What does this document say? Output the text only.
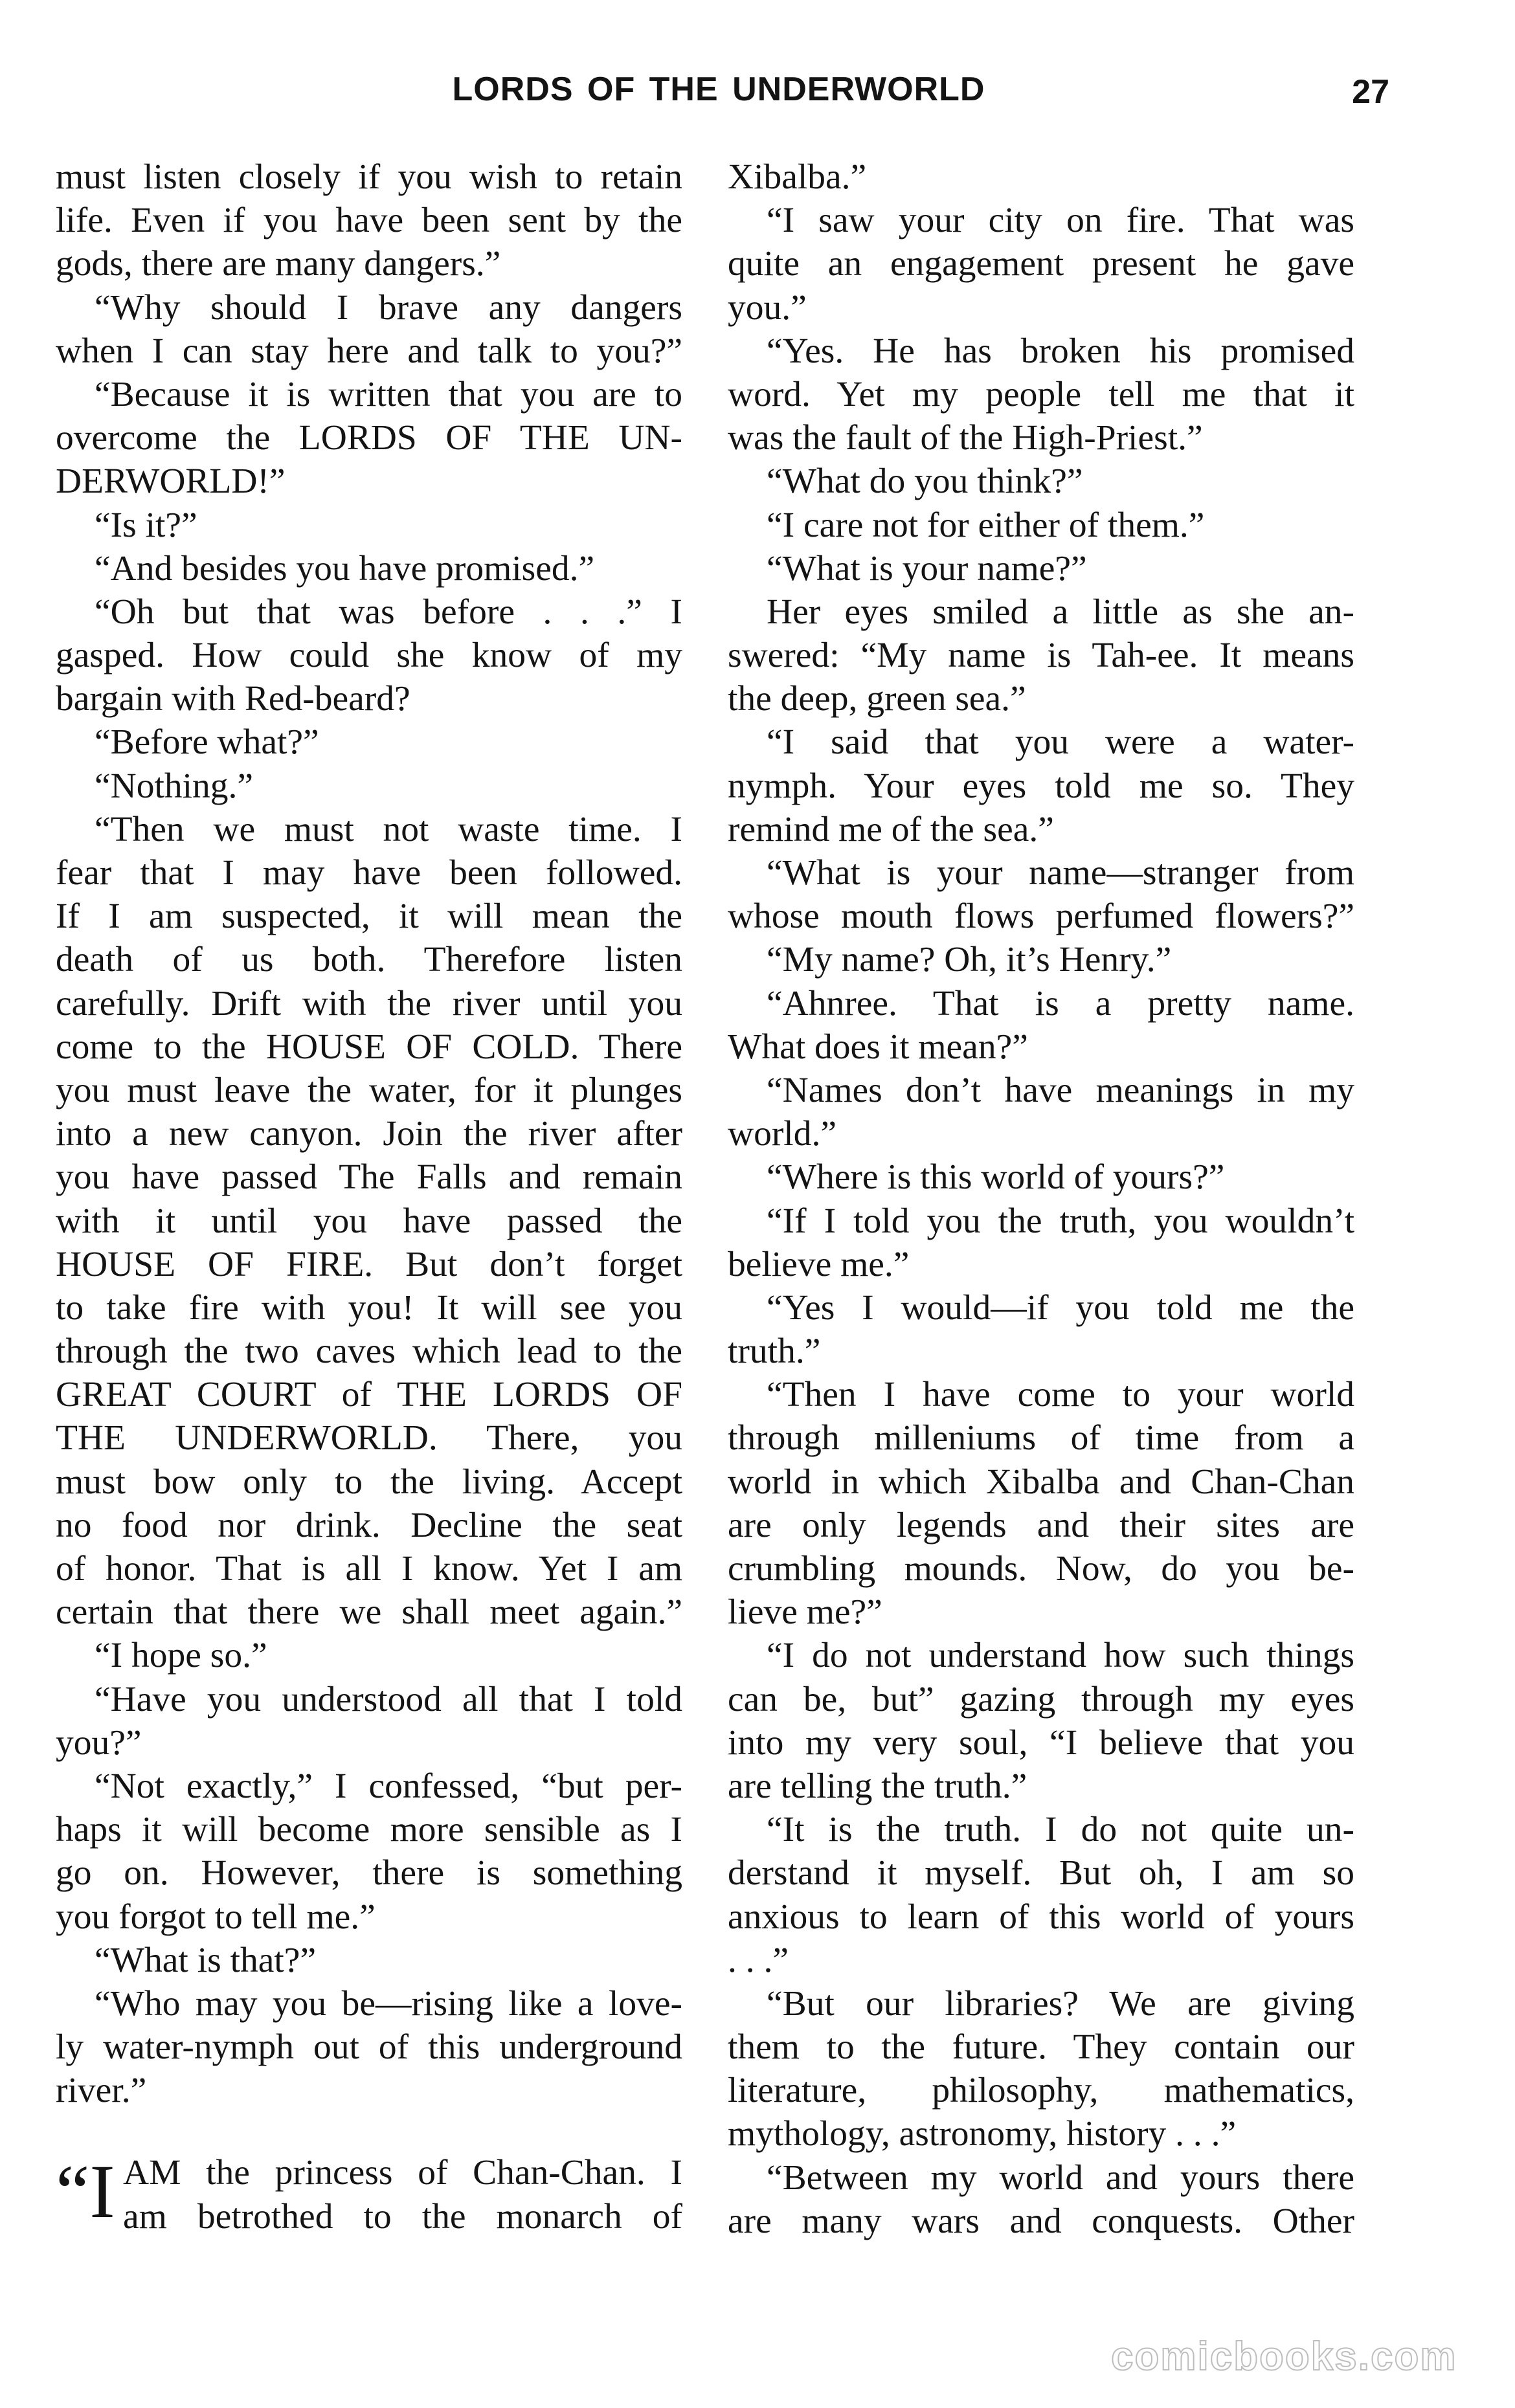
LORDS OF THE UNDERWORLD	27
must listen closely if you wish to retain
life. Even if you have been sent by the
gods, there are many dangers.”
“Why should I brave any dangers
when I can stay here and talk to you?”
“Because it is written that you are to
overcome the LORDS OF THE UN-
DERWORLD!”
“Is it?”
“And besides you have promised.”
“Oh but that was before . . .” I
gasped. How could she know of my
bargain with Red-beard?
“Before what?”
“Nothing.”
“Then we must not waste time. I
fear that I may have been followed.
If I am suspected, it will mean the
death of us both. Therefore listen
carefully. Drift with the river until you
come to the HOUSE OF COLD. There
you must leave the water, for it plunges
into a new canyon. Join the river after
you have passed The Falls and remain
with it until you have passed the
HOUSE OF FIRE. But don’t forget
to take fire with you! It will see you
through the two caves which lead to the
GREAT COURT of THE LORDS OF
THE UNDERWORLD. There, you
must bow only to the living. Accept
no food nor drink. Decline the seat
of honor. That is all I know. Yet I am
certain that there we shall meet again.”
“I hope so.”
“Have you understood all that I told
you?”
“Not exactly,” I confessed, “but per-
haps it will become more sensible as I
go on. However, there is something
you forgot to tell me.”
“What is that?”
“Who may you be—rising like a love-
ly water-nymph out of this underground
river.”
“I AM the princess of Chan-Chan. I
am betrothed to the monarch of
Xibalba.”
“I saw your city on fire. That was
quite an engagement present he gave
you.”
“Yes. He has broken his promised
word. Yet my people tell me that it
was the fault of the High-Priest.”
“What do you think?”
“I care not for either of them.”
“What is your name?”
Her eyes smiled a little as she an-
swered: “My name is Tah-ee. It means
the deep, green sea.”
“I said that you were a water-
nymph. Your eyes told me so. They
remind me of the sea.”
“What is your name—stranger from
whose mouth flows perfumed flowers?”
“My name? Oh, it’s Henry.”
“Ahnree. That is a pretty name.
What does it mean?”
“Names don’t have meanings in my
world.”
“Where is this world of yours?”
“If I told you the truth, you wouldn’t
believe me.”
“Yes I would—if you told me the
truth.”
“Then I have come to your world
through milleniums of time from a
world in which Xibalba and Chan-Chan
are only legends and their sites are
crumbling mounds. Now, do you be-
lieve me?”
“I do not understand how such things
can be, but” gazing through my eyes
into my very soul, “I believe that you
are telling the truth.”
“It is the truth. I do not quite un-
derstand it myself. But oh, I am so
anxious to learn of this world of yours
. . .”
“But our libraries? We are giving
them to the future. They contain our
literature, philosophy, mathematics,
mythology, astronomy, history . . .”
“Between my world and yours there
are many wars and conquests. Other
comicbooks.com
